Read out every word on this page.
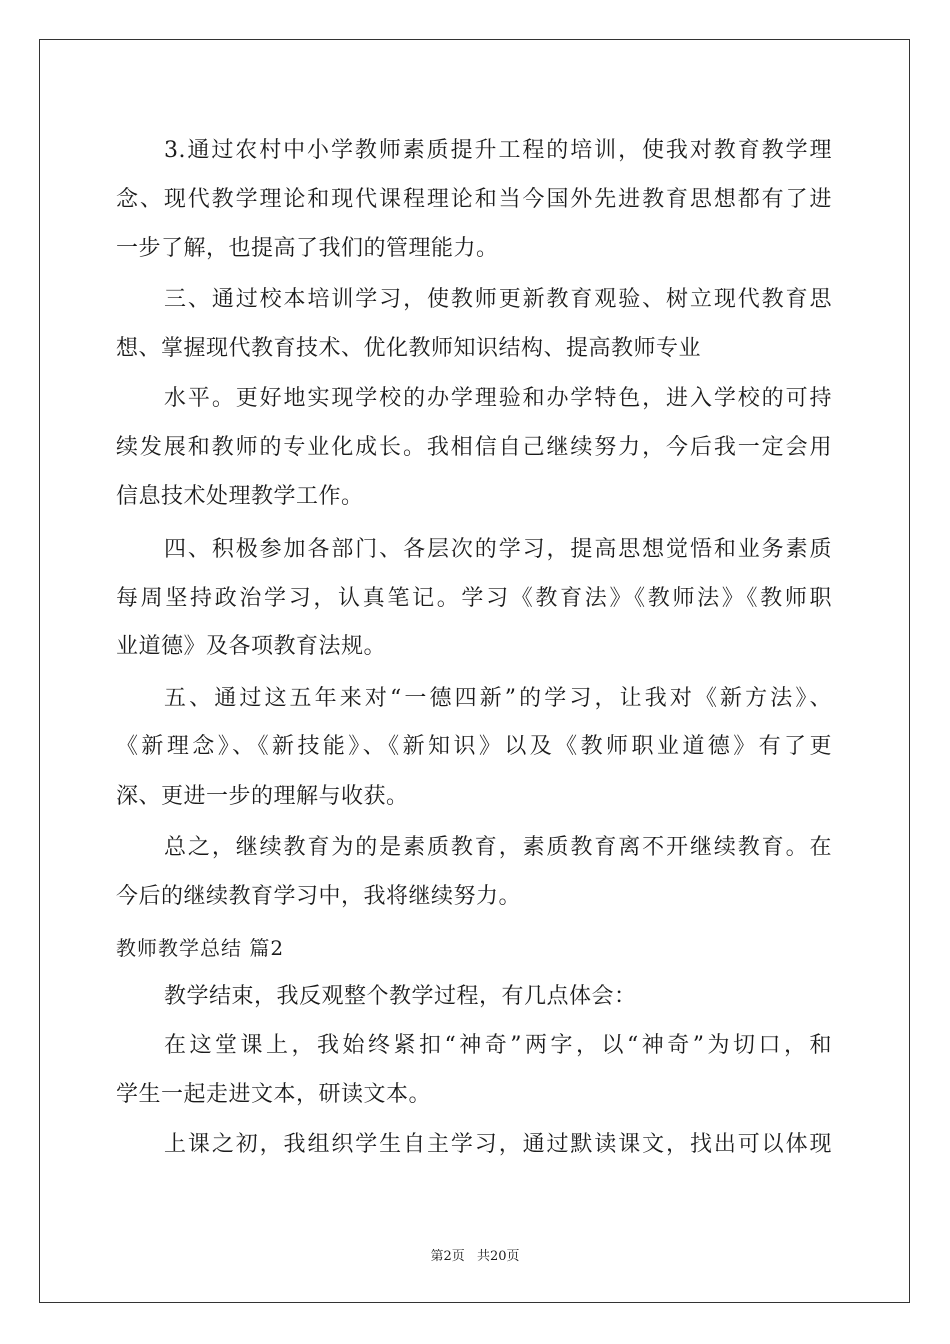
3.通过农村中小学教师素质提升工程的培训，使我对教育教学理
念、现代教学理论和现代课程理论和当今国外先进教育思想都有了进
一步了解，也提高了我们的管理能力。
三、通过校本培训学习，使教师更新教育观验、树立现代教育思
想、掌握现代教育技术、优化教师知识结构、提高教师专业
水平。更好地实现学校的办学理验和办学特色，进入学校的可持
续发展和教师的专业化成长。我相信自己继续努力，今后我一定会用
信息技术处理教学工作。
四、积极参加各部门、各层次的学习，提高思想觉悟和业务素质
每周坚持政治学习，认真笔记。学习《教育法》《教师法》《教师职
业道德》及各项教育法规。
五、通过这五年来对“一德四新”的学习，让我对《新方法》、
《新理念》、《新技能》、《新知识》以及《教师职业道德》有了更
深、更进一步的理解与收获。
总之，继续教育为的是素质教育，素质教育离不开继续教育。在
今后的继续教育学习中，我将继续努力。
教师教学总结 篇2
教学结束，我反观整个教学过程，有几点体会：
在这堂课上，我始终紧扣“神奇”两字，以“神奇”为切口，和
学生一起走进文本，研读文本。
上课之初，我组织学生自主学习，通过默读课文，找出可以体现
第2页 共20页
